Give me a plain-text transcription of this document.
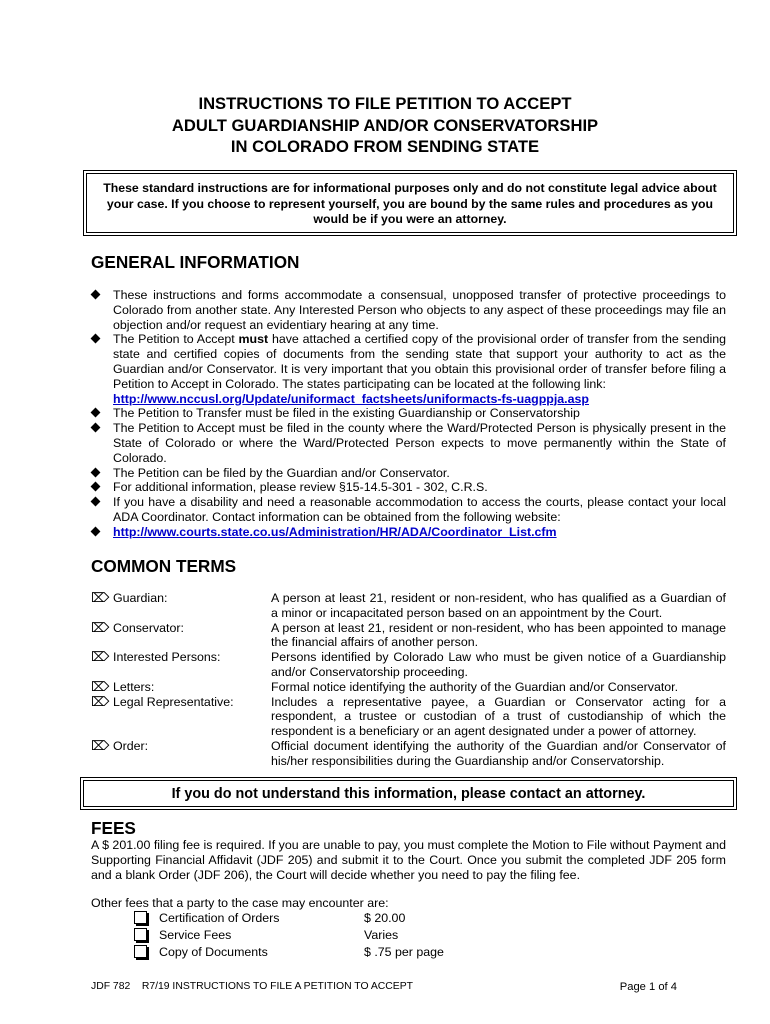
INSTRUCTIONS TO FILE PETITION TO ACCEPT
ADULT GUARDIANSHIP AND/OR CONSERVATORSHIP
IN COLORADO FROM SENDING STATE
These standard instructions are for informational purposes only and do not constitute legal advice about your case. If you choose to represent yourself, you are bound by the same rules and procedures as you would be if you were an attorney.
GENERAL INFORMATION
These instructions and forms accommodate a consensual, unopposed transfer of protective proceedings to Colorado from another state. Any Interested Person who objects to any aspect of these proceedings may file an objection and/or request an evidentiary hearing at any time.
The Petition to Accept must have attached a certified copy of the provisional order of transfer from the sending state and certified copies of documents from the sending state that support your authority to act as the Guardian and/or Conservator. It is very important that you obtain this provisional order of transfer before filing a Petition to Accept in Colorado. The states participating can be located at the following link:
http://www.nccusl.org/Update/uniformact_factsheets/uniformacts-fs-uagppja.asp
The Petition to Transfer must be filed in the existing Guardianship or Conservatorship
The Petition to Accept must be filed in the county where the Ward/Protected Person is physically present in the State of Colorado or where the Ward/Protected Person expects to move permanently within the State of Colorado.
The Petition can be filed by the Guardian and/or Conservator.
For additional information, please review §15-14.5-301 - 302, C.R.S.
If you have a disability and need a reasonable accommodation to access the courts, please contact your local ADA Coordinator. Contact information can be obtained from the following website:
http://www.courts.state.co.us/Administration/HR/ADA/Coordinator_List.cfm
COMMON TERMS
⌦ Guardian:	A person at least 21, resident or non-resident, who has qualified as a Guardian of a minor or incapacitated person based on an appointment by the Court.
⌦ Conservator:	A person at least 21, resident or non-resident, who has been appointed to manage the financial affairs of another person.
⌦ Interested Persons:	Persons identified by Colorado Law who must be given notice of a Guardianship and/or Conservatorship proceeding.
⌦ Letters:	Formal notice identifying the authority of the Guardian and/or Conservator.
⌦ Legal Representative:	Includes a representative payee, a Guardian or Conservator acting for a respondent, a trustee or custodian of a trust of custodianship of which the respondent is a beneficiary or an agent designated under a power of attorney.
⌦ Order:	Official document identifying the authority of the Guardian and/or Conservator of his/her responsibilities during the Guardianship and/or Conservatorship.
If you do not understand this information, please contact an attorney.
FEES
A $ 201.00 filing fee is required. If you are unable to pay, you must complete the Motion to File without Payment and Supporting Financial Affidavit (JDF 205) and submit it to the Court. Once you submit the completed JDF 205 form and a blank Order (JDF 206), the Court will decide whether you need to pay the filing fee.
Other fees that a party to the case may encounter are:
Certification of Orders	$ 20.00
Service Fees	Varies
Copy of Documents	$ .75 per page
JDF 782    R7/19 INSTRUCTIONS TO FILE A PETITION TO ACCEPT	Page 1 of 4
